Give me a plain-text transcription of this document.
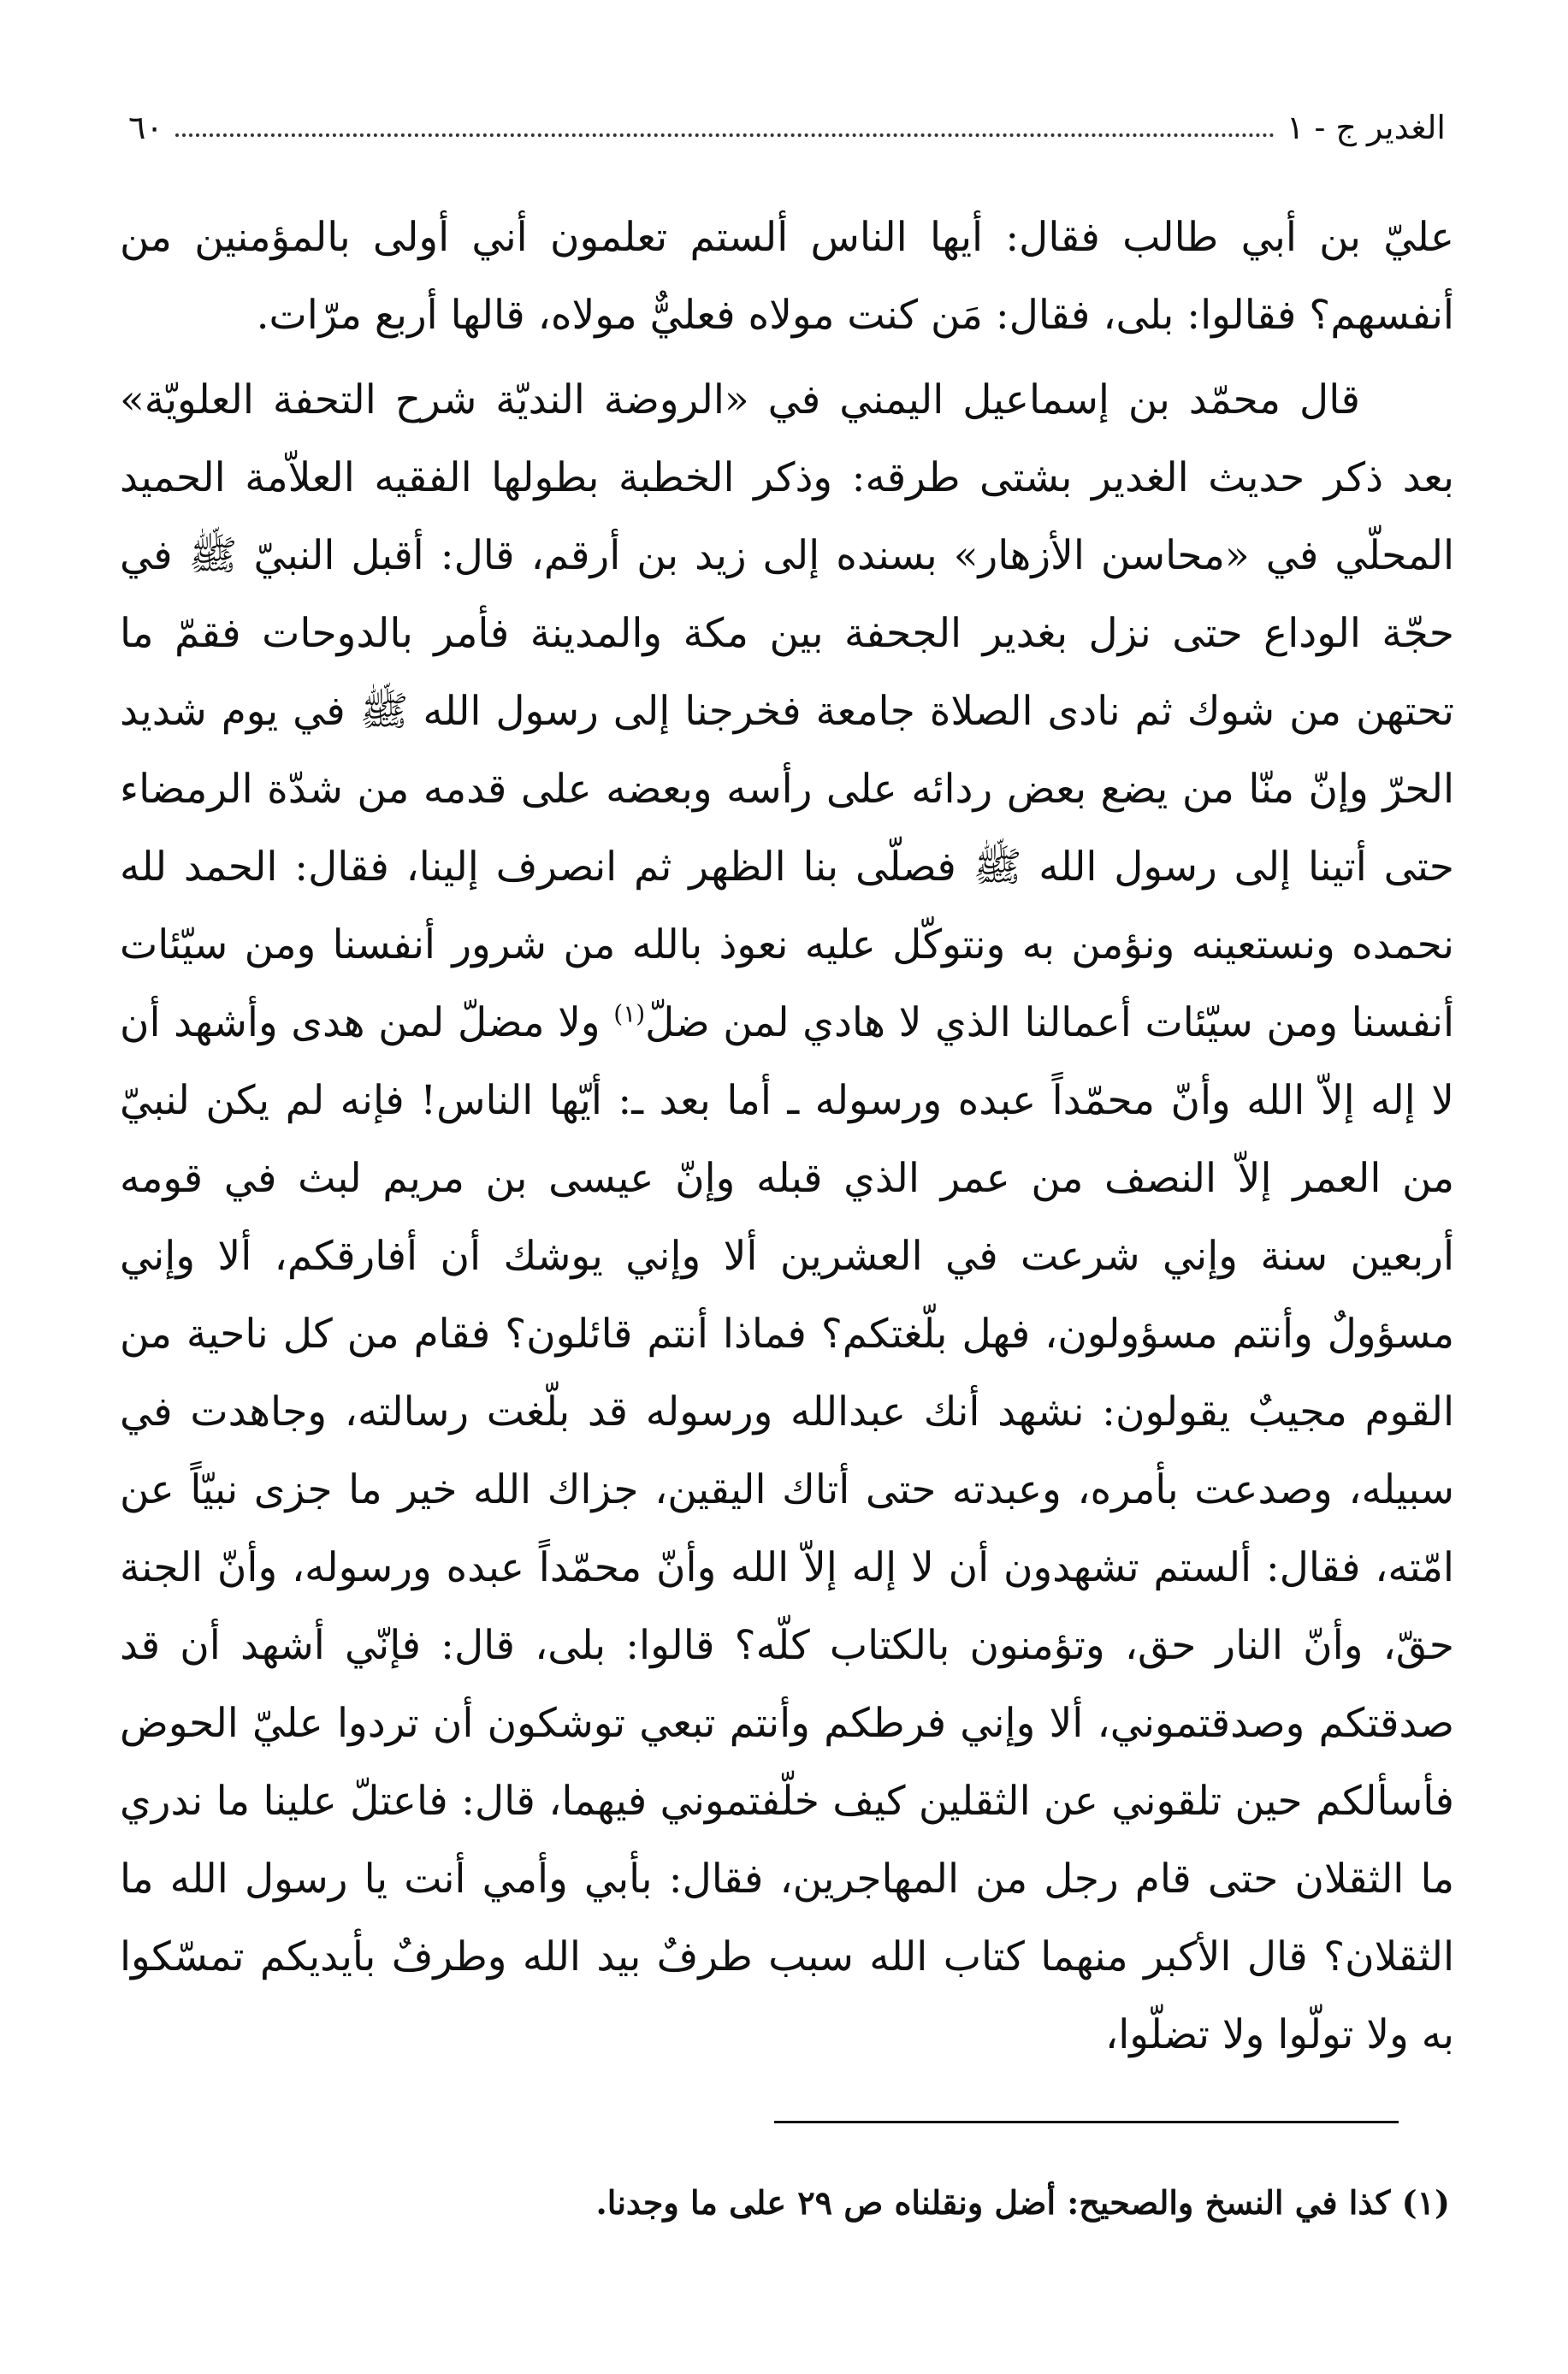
٦٠	الغدير ج - ١

عليّ بن أبي طالب فقال: أيها الناس ألستم تعلمون أني أولى بالمؤمنين من أنفسهم؟ فقالوا: بلى، فقال: مَن كنت مولاه فعليٌّ مولاه، قالها أربع مرّات.

قال محمّد بن إسماعيل اليمني في «الروضة النديّة شرح التحفة العلويّة» بعد ذكر حديث الغدير بشتى طرقه: وذكر الخطبة بطولها الفقيه العلاّمة الحميد المحلّي في «محاسن الأزهار» بسنده إلى زيد بن أرقم، قال: أقبل النبيّ ﷺ في حجّة الوداع حتى نزل بغدير الجحفة بين مكة والمدينة فأمر بالدوحات فقمّ ما تحتهن من شوك ثم نادى الصلاة جامعة فخرجنا إلى رسول الله ﷺ في يوم شديد الحرّ وإنّ منّا من يضع بعض ردائه على رأسه وبعضه على قدمه من شدّة الرمضاء حتى أتينا إلى رسول الله ﷺ فصلّى بنا الظهر ثم انصرف إلينا، فقال: الحمد لله نحمده ونستعينه ونؤمن به ونتوكّل عليه نعوذ بالله من شرور أنفسنا ومن سيّئات أنفسنا ومن سيّئات أعمالنا الذي لا هادي لمن ضلّ$^{(١)}$ ولا مضلّ لمن هدى وأشهد أن لا إله إلاّ الله وأنّ محمّداً عبده ورسوله ـ أما بعد ـ: أيّها الناس! فإنه لم يكن لنبيّ من العمر إلاّ النصف من عمر الذي قبله وإنّ عيسى بن مريم لبث في قومه أربعين سنة وإني شرعت في العشرين ألا وإني يوشك أن أفارقكم، ألا وإني مسؤولٌ وأنتم مسؤولون، فهل بلّغتكم؟ فماذا أنتم قائلون؟ فقام من كل ناحية من القوم مجيبٌ يقولون: نشهد أنك عبدالله ورسوله قد بلّغت رسالته، وجاهدت في سبيله، وصدعت بأمره، وعبدته حتى أتاك اليقين، جزاك الله خير ما جزى نبيّاً عن امّته، فقال: ألستم تشهدون أن لا إله إلاّ الله وأنّ محمّداً عبده ورسوله، وأنّ الجنة حقّ، وأنّ النار حق، وتؤمنون بالكتاب كلّه؟ قالوا: بلى، قال: فإنّي أشهد أن قد صدقتكم وصدقتموني، ألا وإني فرطكم وأنتم تبعي توشكون أن تردوا عليّ الحوض فأسألكم حين تلقوني عن الثقلين كيف خلّفتموني فيهما، قال: فاعتلّ علينا ما ندري ما الثقلان حتى قام رجل من المهاجرين، فقال: بأبي وأمي أنت يا رسول الله ما الثقلان؟ قال الأكبر منهما كتاب الله سبب طرفٌ بيد الله وطرفٌ بأيديكم تمسّكوا به ولا تولّوا ولا تضلّوا،

(١) كذا في النسخ والصحيح: أضل ونقلناه ص ٢٩ على ما وجدنا.
